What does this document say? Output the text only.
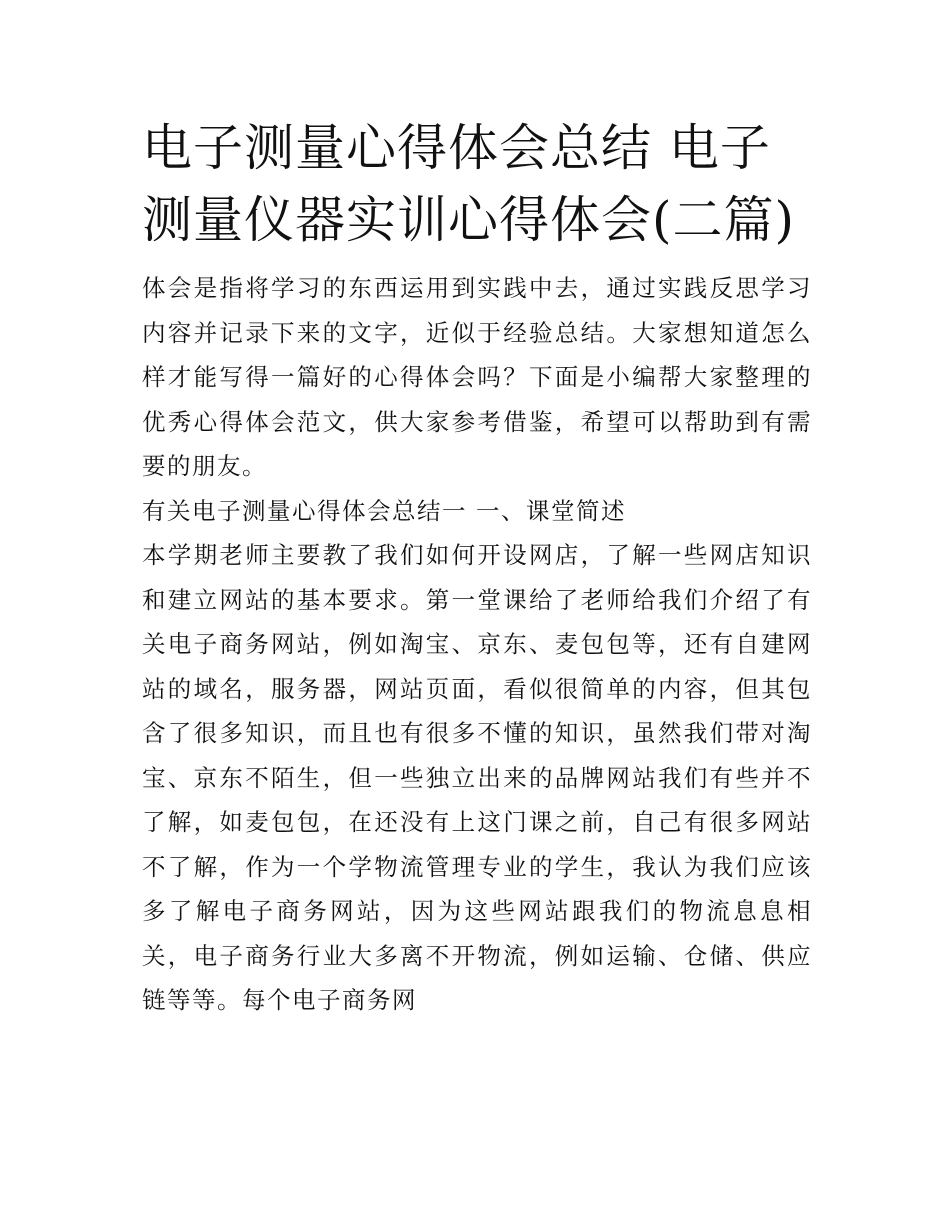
电子测量心得体会总结 电子测量仪器实训心得体会(二篇)

体会是指将学习的东西运用到实践中去，通过实践反思学习内容并记录下来的文字，近似于经验总结。大家想知道怎么样才能写得一篇好的心得体会吗？下面是小编帮大家整理的优秀心得体会范文，供大家参考借鉴，希望可以帮助到有需要的朋友。

有关电子测量心得体会总结一 一、课堂简述

本学期老师主要教了我们如何开设网店，了解一些网店知识和建立网站的基本要求。第一堂课给了老师给我们介绍了有关电子商务网站，例如淘宝、京东、麦包包等，还有自建网站的域名，服务器，网站页面，看似很简单的内容，但其包含了很多知识，而且也有很多不懂的知识，虽然我们带对淘宝、京东不陌生，但一些独立出来的品牌网站我们有些并不了解，如麦包包，在还没有上这门课之前，自己有很多网站不了解，作为一个学物流管理专业的学生，我认为我们应该多了解电子商务网站，因为这些网站跟我们的物流息息相关，电子商务行业大多离不开物流，例如运输、仓储、供应链等等。每个电子商务网
